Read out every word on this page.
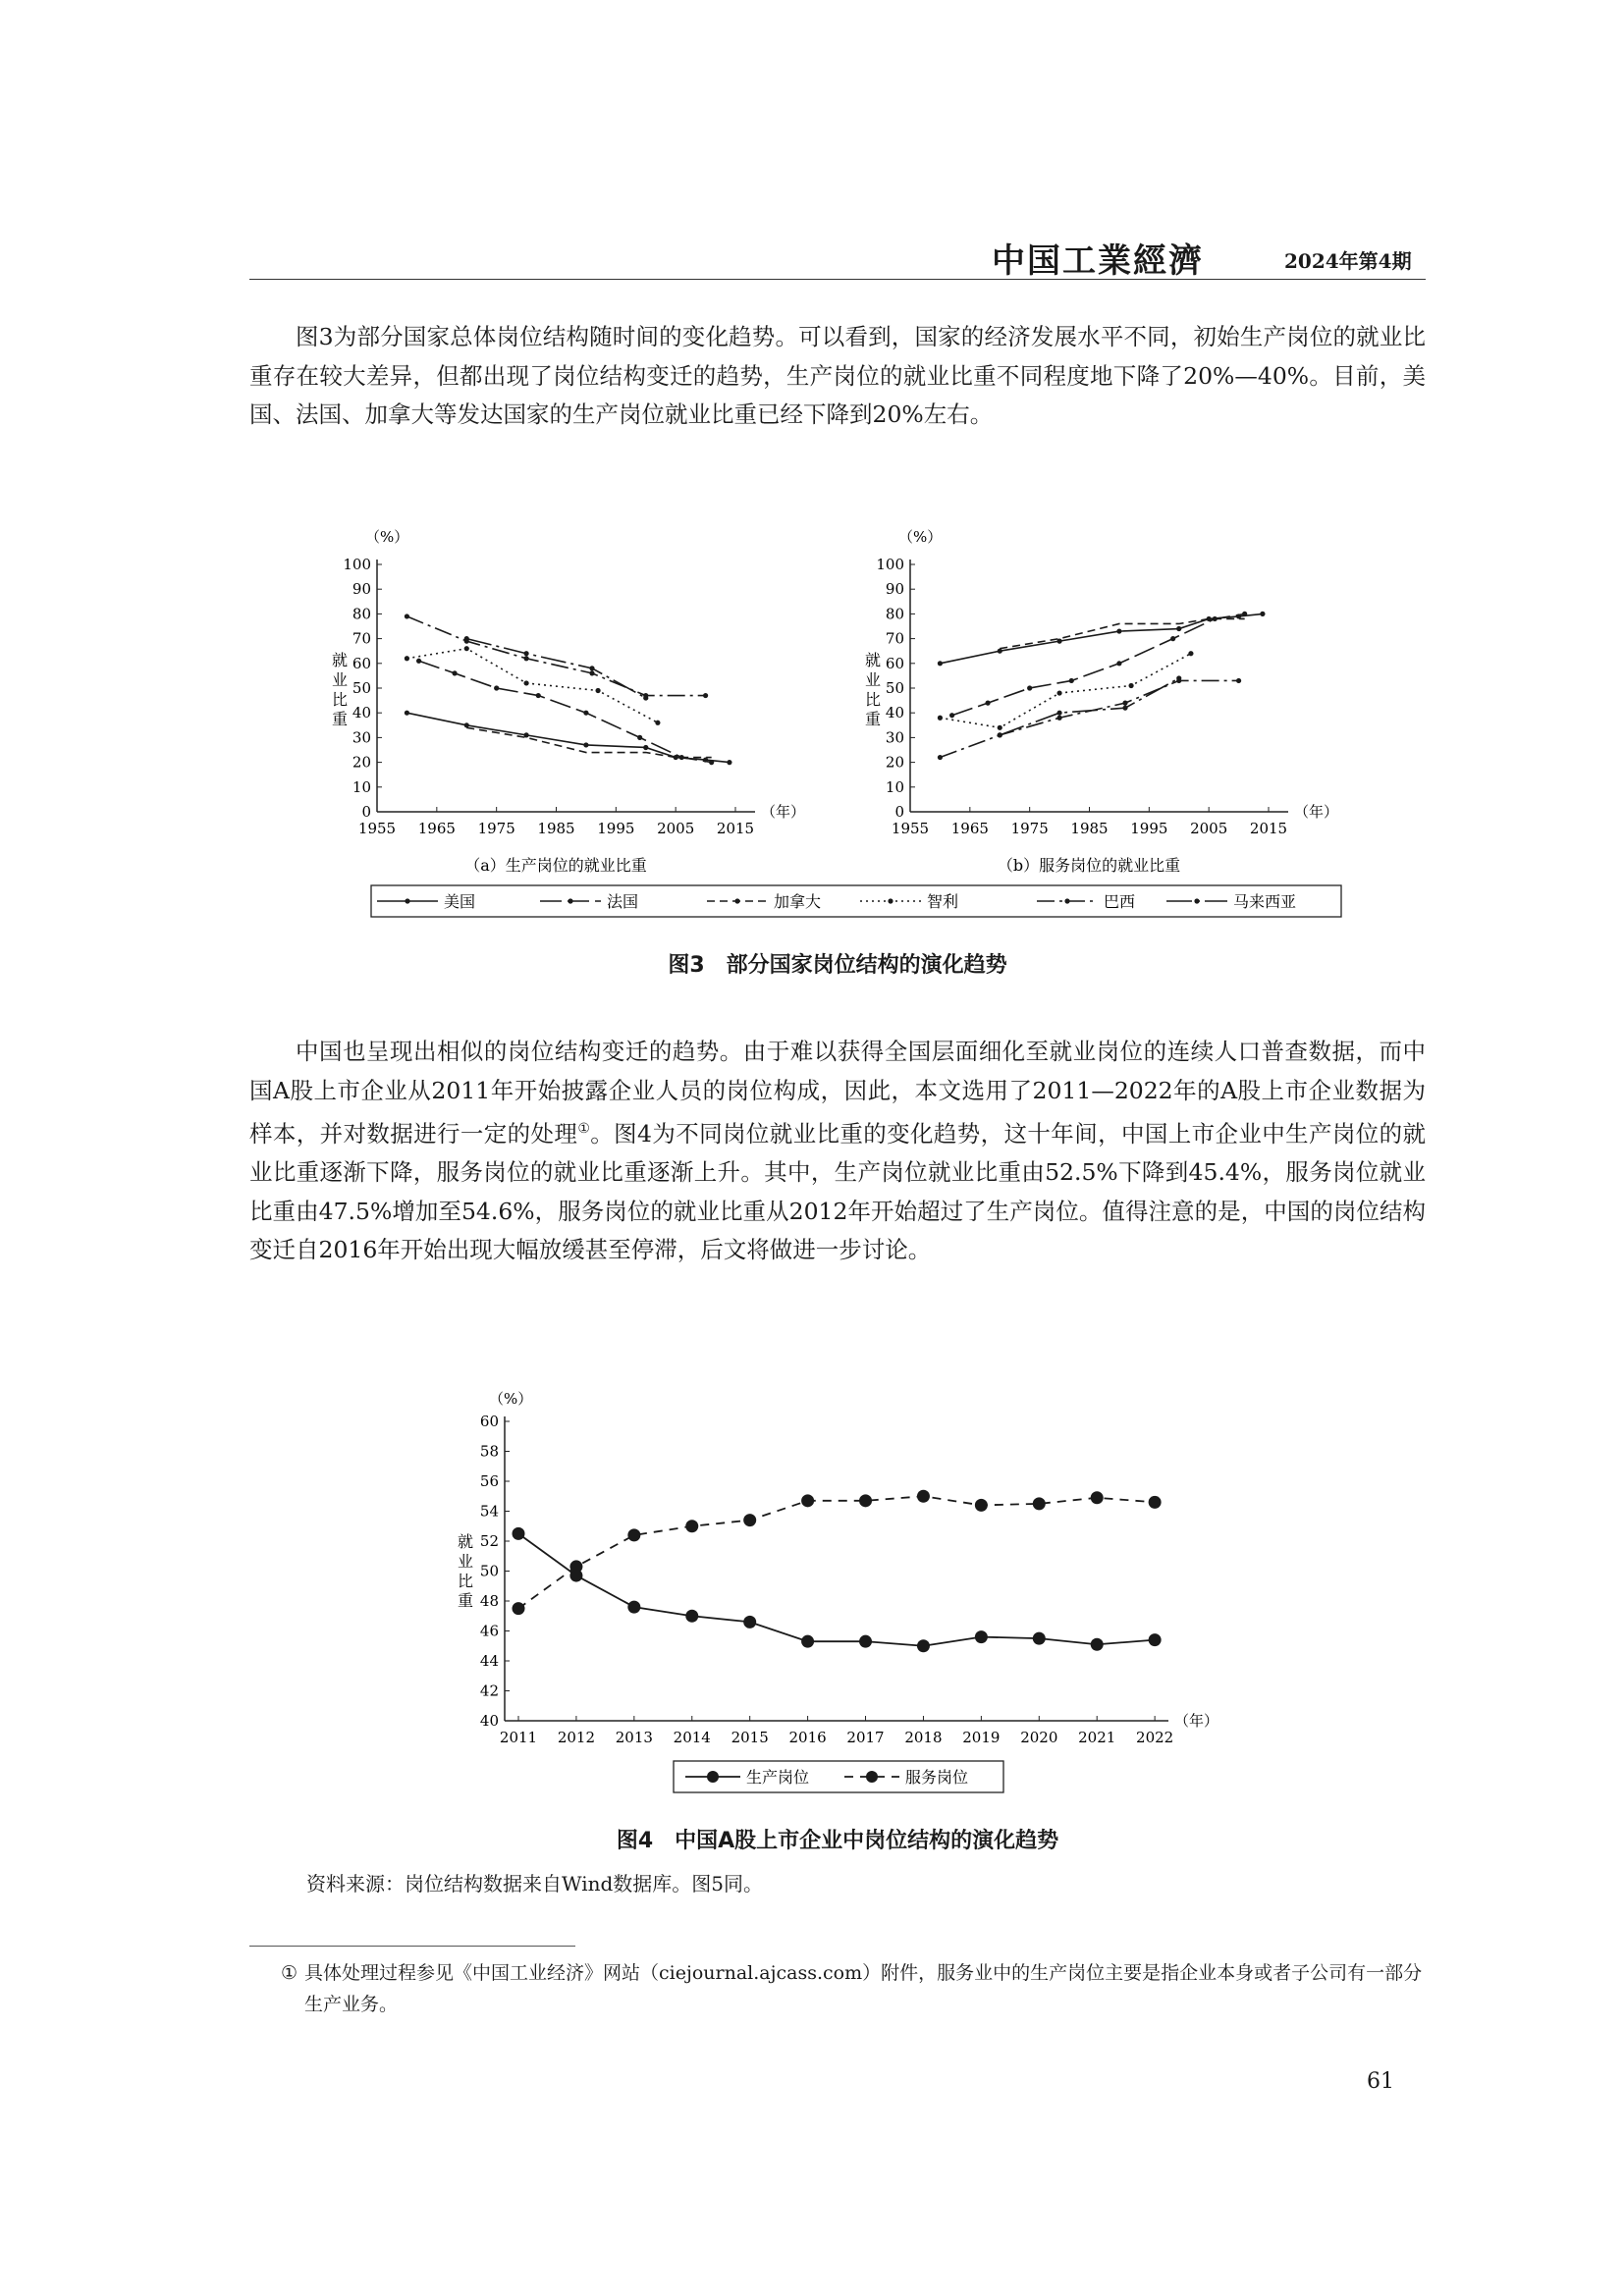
中国工業經濟	2024年第4期

图3为部分国家总体岗位结构随时间的变化趋势。可以看到，国家的经济发展水平不同，初始生产岗位的就业比重存在较大差异，但都出现了岗位结构变迁的趋势，生产岗位的就业比重不同程度地下降了20%—40%。目前，美国、法国、加拿大等发达国家的生产岗位就业比重已经下降到20%左右。

（%）
0
10
20
30
40
50
60
70
80
90
100
1955 1965 1975 1985 1995 2005 2015
（年）
就
业
比
重
（a）生产岗位的就业比重
（%）
0
10
20
30
40
50
60
70
80
90
100
1955 1965 1975 1985 1995 2005 2015
（年）
就
业
比
重
（b）服务岗位的就业比重
美国	法国	加拿大	智利	巴西	马来西亚
图3　部分国家岗位结构的演化趋势

中国也呈现出相似的岗位结构变迁的趋势。由于难以获得全国层面细化至就业岗位的连续人口普查数据，而中国A股上市企业从2011年开始披露企业人员的岗位构成，因此，本文选用了2011—2022年的A股上市企业数据为样本，并对数据进行一定的处理①。图4为不同岗位就业比重的变化趋势，这十年间，中国上市企业中生产岗位的就业比重逐渐下降，服务岗位的就业比重逐渐上升。其中，生产岗位就业比重由52.5%下降到45.4%，服务岗位就业比重由47.5%增加至54.6%，服务岗位的就业比重从2012年开始超过了生产岗位。值得注意的是，中国的岗位结构变迁自2016年开始出现大幅放缓甚至停滞，后文将做进一步讨论。

（%）
40
42
44
46
48
50
52
54
56
58
60
2011 2012 2013 2014 2015 2016 2017 2018 2019 2020 2021 2022
（年）
就
业
比
重
生产岗位	服务岗位
图4　中国A股上市企业中岗位结构的演化趋势
资料来源：岗位结构数据来自Wind数据库。图5同。
① 具体处理过程参见《中国工业经济》网站（ciejournal.ajcass.com）附件，服务业中的生产岗位主要是指企业本身或者子公司有一部分生产业务。
61
